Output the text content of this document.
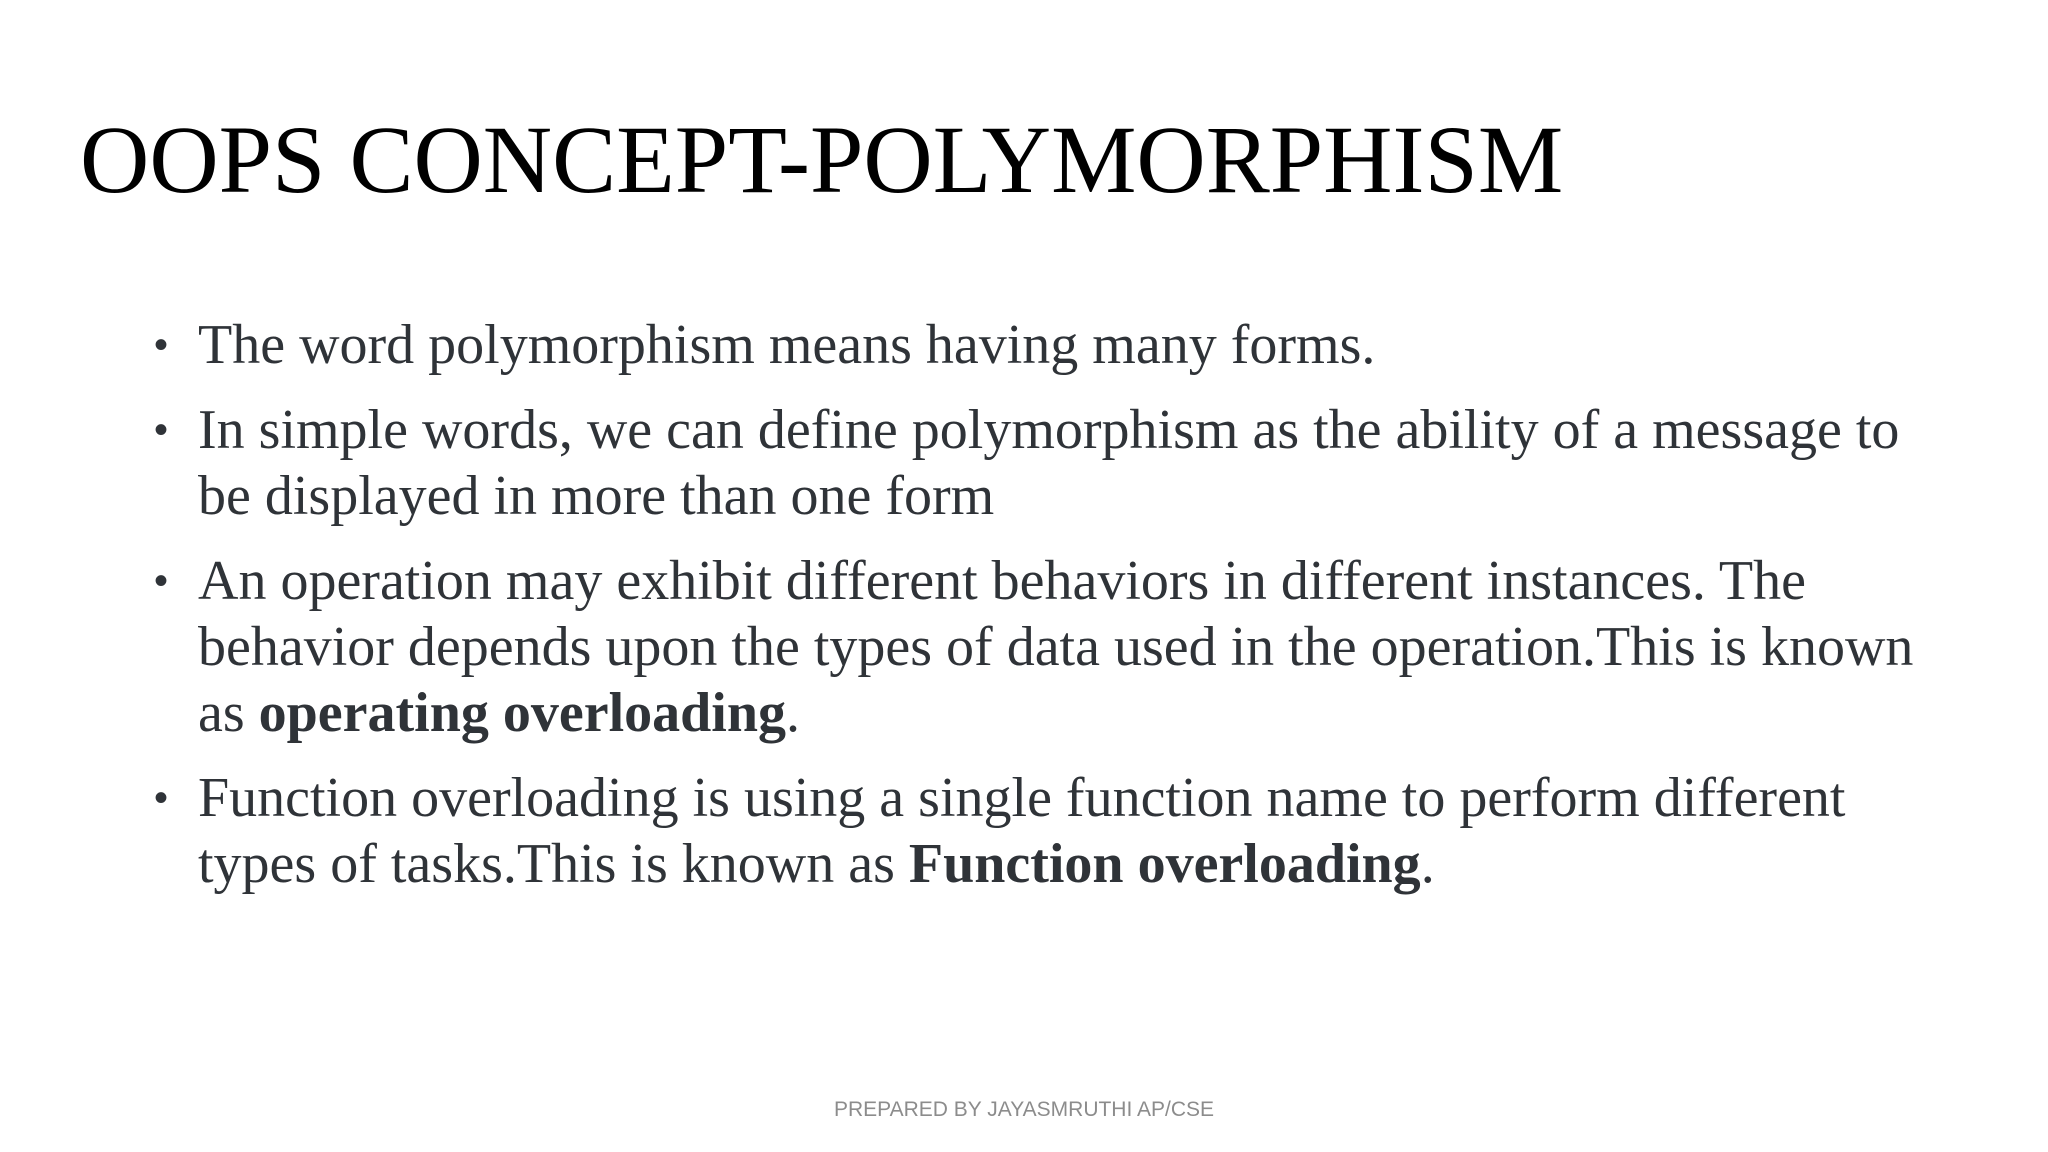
OOPS CONCEPT-POLYMORPHISM
• The word polymorphism means having many forms.
• In simple words, we can define polymorphism as the ability of a message to be displayed in more than one form
• An operation may exhibit different behaviors in different instances. The behavior depends upon the types of data used in the operation.This is known as operating overloading.
• Function overloading is using a single function name to perform different types of tasks.This is known as Function overloading.
PREPARED BY JAYASMRUTHI AP/CSE
